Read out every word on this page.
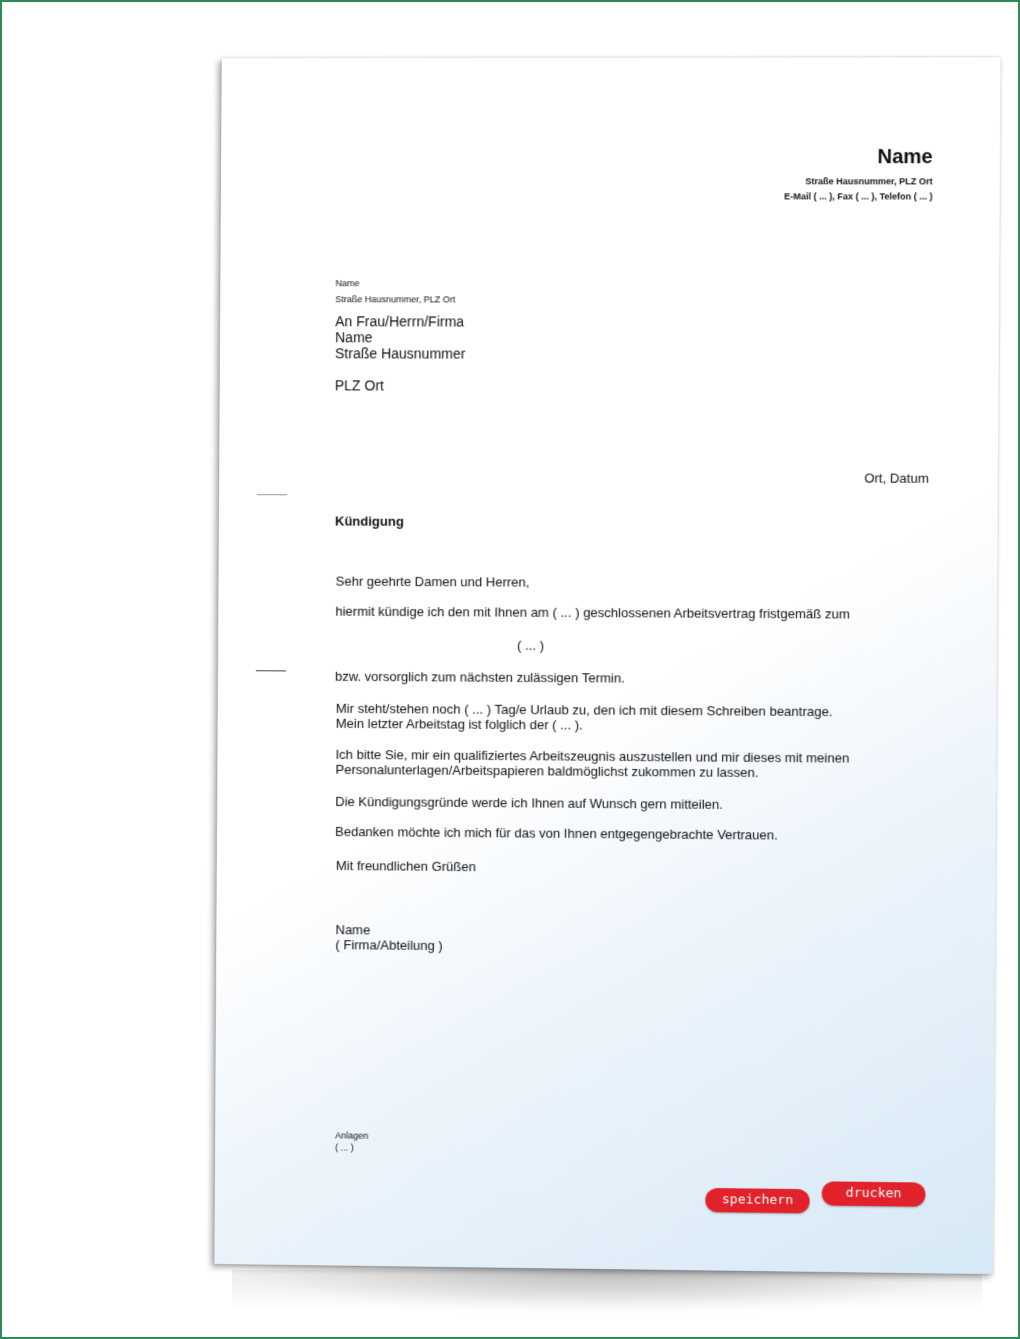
Name
Straße Hausnummer, PLZ Ort
E-Mail ( ... ), Fax ( ... ), Telefon ( ... )
Name
Straße Hausnummer, PLZ Ort
An Frau/Herrn/Firma
Name
Straße Hausnummer
PLZ Ort
Ort, Datum
Kündigung
Sehr geehrte Damen und Herren,
hiermit kündige ich den mit Ihnen am ( ... ) geschlossenen Arbeitsvertrag fristgemäß zum
( ... )
bzw. vorsorglich zum nächsten zulässigen Termin.
Mir steht/stehen noch ( ... ) Tag/e Urlaub zu, den ich mit diesem Schreiben beantrage.
Mein letzter Arbeitstag ist folglich der ( ... ).
Ich bitte Sie, mir ein qualifiziertes Arbeitszeugnis auszustellen und mir dieses mit meinen
Personalunterlagen/Arbeitspapieren baldmöglichst zukommen zu lassen.
Die Kündigungsgründe werde ich Ihnen auf Wunsch gern mitteilen.
Bedanken möchte ich mich für das von Ihnen entgegengebrachte Vertrauen.
Mit freundlichen Grüßen
Name
( Firma/Abteilung )
Anlagen
( ... )
speichern	drucken
